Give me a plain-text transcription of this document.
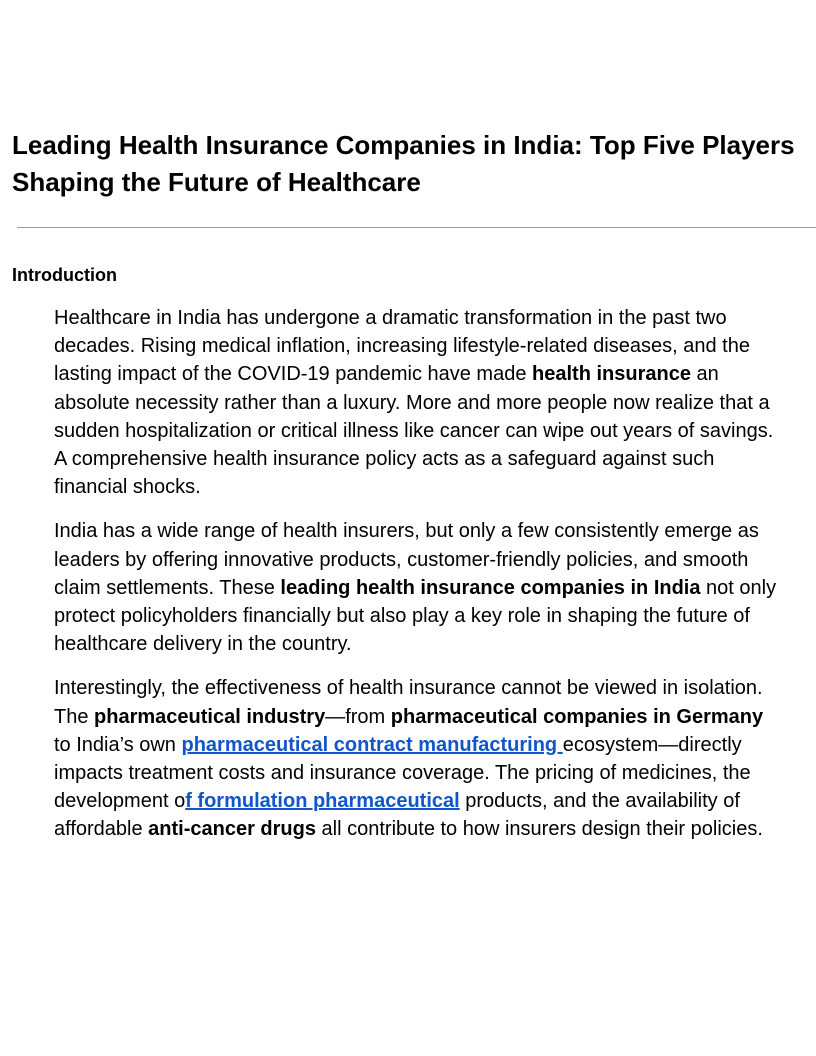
Leading Health Insurance Companies in India: Top Five Players Shaping the Future of Healthcare
Introduction

Healthcare in India has undergone a dramatic transformation in the past two decades. Rising medical inflation, increasing lifestyle-related diseases, and the lasting impact of the COVID-19 pandemic have made health insurance an absolute necessity rather than a luxury. More and more people now realize that a sudden hospitalization or critical illness like cancer can wipe out years of savings. A comprehensive health insurance policy acts as a safeguard against such financial shocks.

India has a wide range of health insurers, but only a few consistently emerge as leaders by offering innovative products, customer-friendly policies, and smooth claim settlements. These leading health insurance companies in India not only protect policyholders financially but also play a key role in shaping the future of healthcare delivery in the country.

Interestingly, the effectiveness of health insurance cannot be viewed in isolation. The pharmaceutical industry—from pharmaceutical companies in Germany to India’s own pharmaceutical contract manufacturing ecosystem—directly impacts treatment costs and insurance coverage. The pricing of medicines, the development of formulation pharmaceutical products, and the availability of affordable anti-cancer drugs all contribute to how insurers design their policies.
